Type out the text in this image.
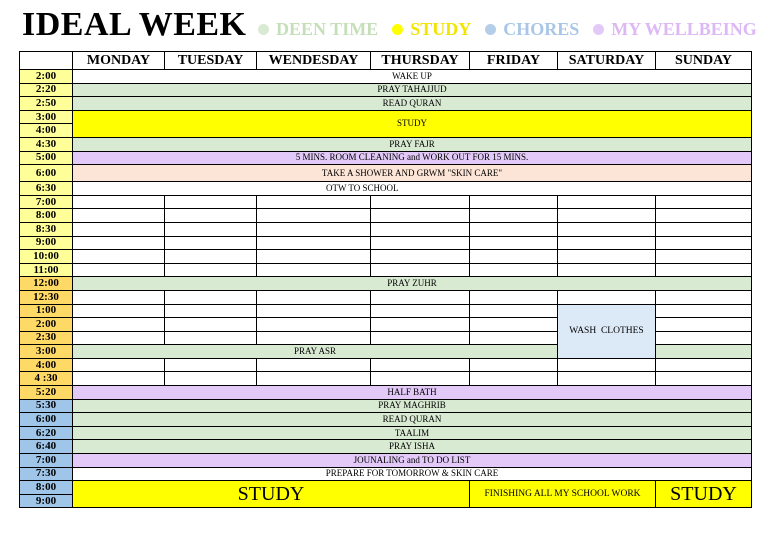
IDEAL WEEK DEEN TIME STUDY CHORES MY WELLBEING
	MONDAY	TUESDAY	WENDESDAY	THURSDAY	FRIDAY	SATURDAY	SUNDAY
2:00	WAKE UP						
2:20	PRAY TAHAJJUD						
2:50	READ QURAN						
3:00	STUDY						
4:00							
4:30	PRAY FAJR						
5:00	5 MINS. ROOM CLEANING and WORK OUT FOR 15 MINS.						
6:00	TAKE A SHOWER AND GRWM "SKIN CARE"						
6:30	OTW TO SCHOOL						
7:00							
8:00							
8:30							
9:00							
10:00							
11:00							
12:00	PRAY ZUHR						
12:30							
1:00						WASH  CLOTHES	
2:00							
2:30							
3:00	PRAY ASR						
4:00							
4 :30							
5:20	HALF BATH						
5:30	PRAY MAGHRIB						
6:00	READ QURAN						
6:20	TAALIM						
6:40	PRAY ISHA						
7:00	JOUNALING and TO DO LIST						
7:30	PREPARE FOR TOMORROW & SKIN CARE						
8:00	STUDY				FINISHING ALL MY SCHOOL WORK		STUDY
9:00							
